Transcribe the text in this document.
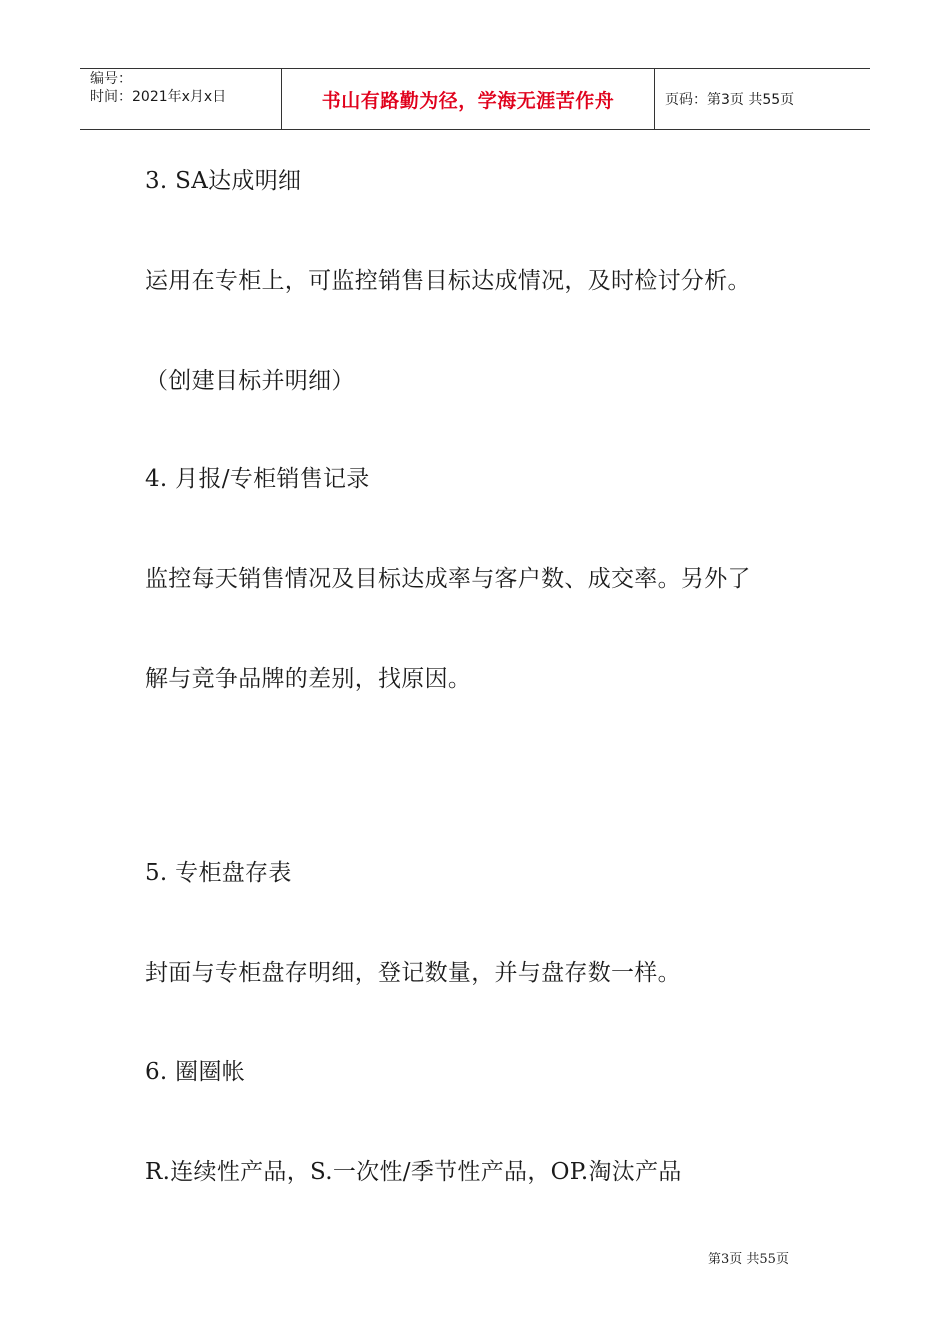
编号：
时间：2021年x月x日	书山有路勤为径，学海无涯苦作舟	页码：第3页 共55页
3. SA达成明细
运用在专柜上，可监控销售目标达成情况，及时检讨分析。
（创建目标并明细）
4. 月报/专柜销售记录
监控每天销售情况及目标达成率与客户数、成交率。另外了
解与竞争品牌的差别，找原因。
5. 专柜盘存表
封面与专柜盘存明细，登记数量，并与盘存数一样。
6. 圈圈帐
R.连续性产品，S.一次性/季节性产品，OP.淘汰产品
第3页 共55页
